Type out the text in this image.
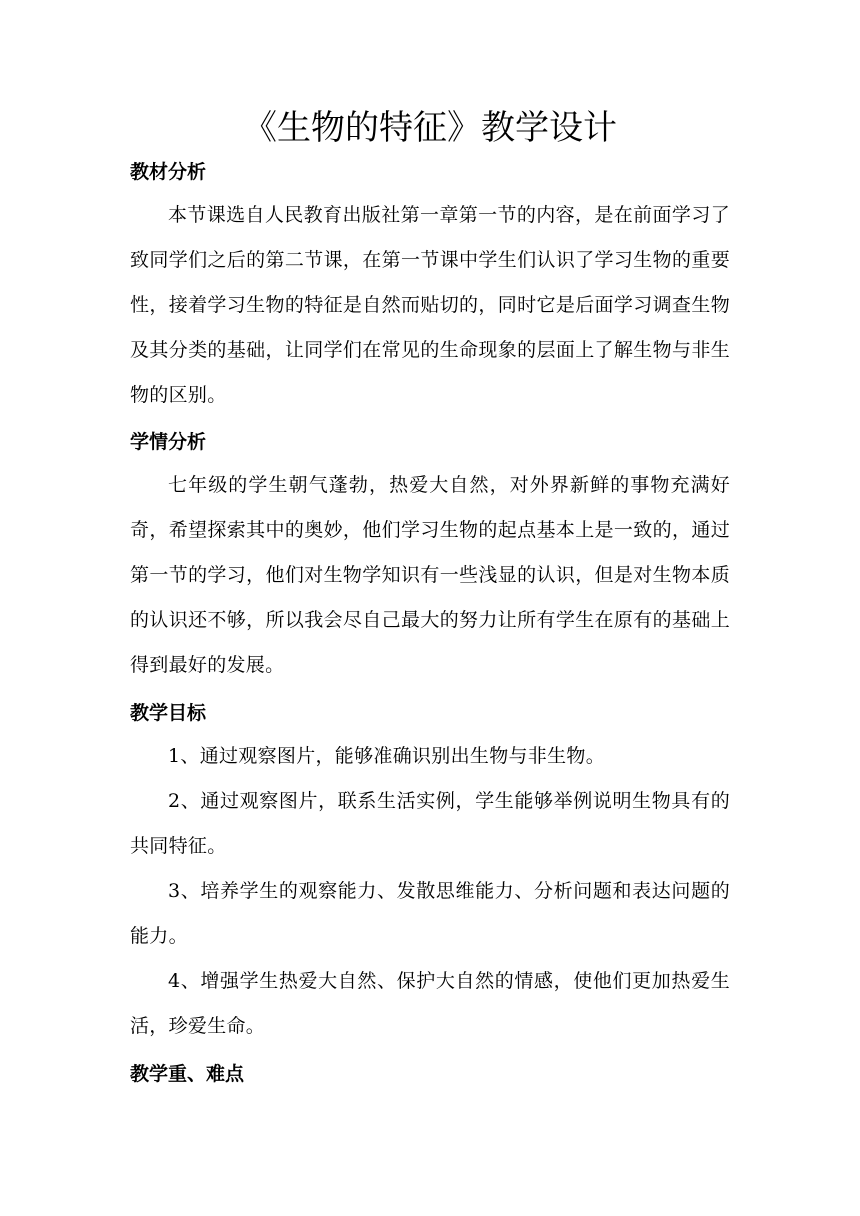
《生物的特征》教学设计
教材分析

本节课选自人民教育出版社第一章第一节的内容，是在前面学习了致同学们之后的第二节课，在第一节课中学生们认识了学习生物的重要性，接着学习生物的特征是自然而贴切的，同时它是后面学习调查生物及其分类的基础，让同学们在常见的生命现象的层面上了解生物与非生物的区别。

学情分析

七年级的学生朝气蓬勃，热爱大自然，对外界新鲜的事物充满好奇，希望探索其中的奥妙，他们学习生物的起点基本上是一致的，通过第一节的学习，他们对生物学知识有一些浅显的认识，但是对生物本质的认识还不够，所以我会尽自己最大的努力让所有学生在原有的基础上得到最好的发展。

教学目标

1、通过观察图片，能够准确识别出生物与非生物。

2、通过观察图片，联系生活实例，学生能够举例说明生物具有的共同特征。

3、培养学生的观察能力、发散思维能力、分析问题和表达问题的能力。

4、增强学生热爱大自然、保护大自然的情感，使他们更加热爱生活，珍爱生命。

教学重、难点
